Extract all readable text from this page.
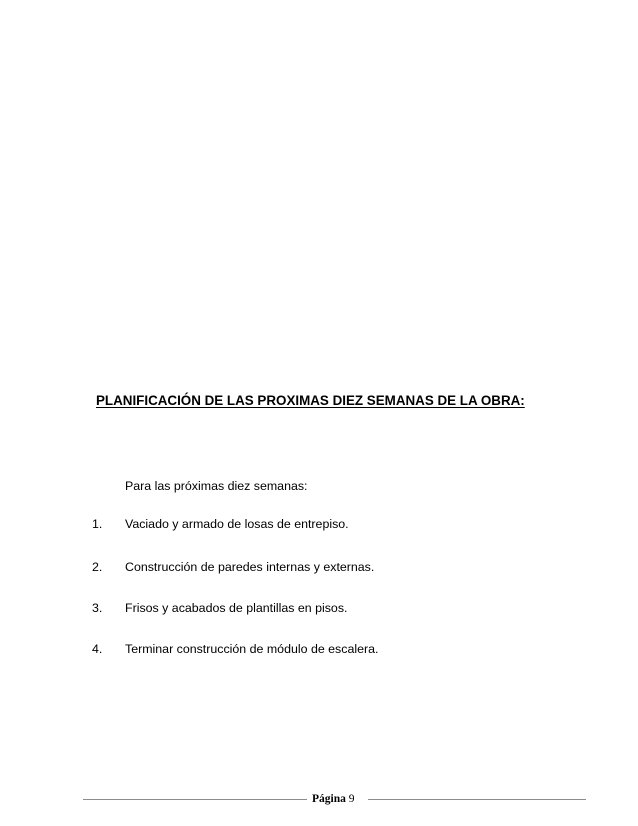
PLANIFICACIÓN DE LAS PROXIMAS DIEZ SEMANAS DE LA OBRA:
Para las próximas diez semanas:
1. Vaciado y armado de losas de entrepiso.
2. Construcción de paredes internas y externas.
3. Frisos y acabados de plantillas en pisos.
4. Terminar construcción de módulo de escalera.
Página 9
